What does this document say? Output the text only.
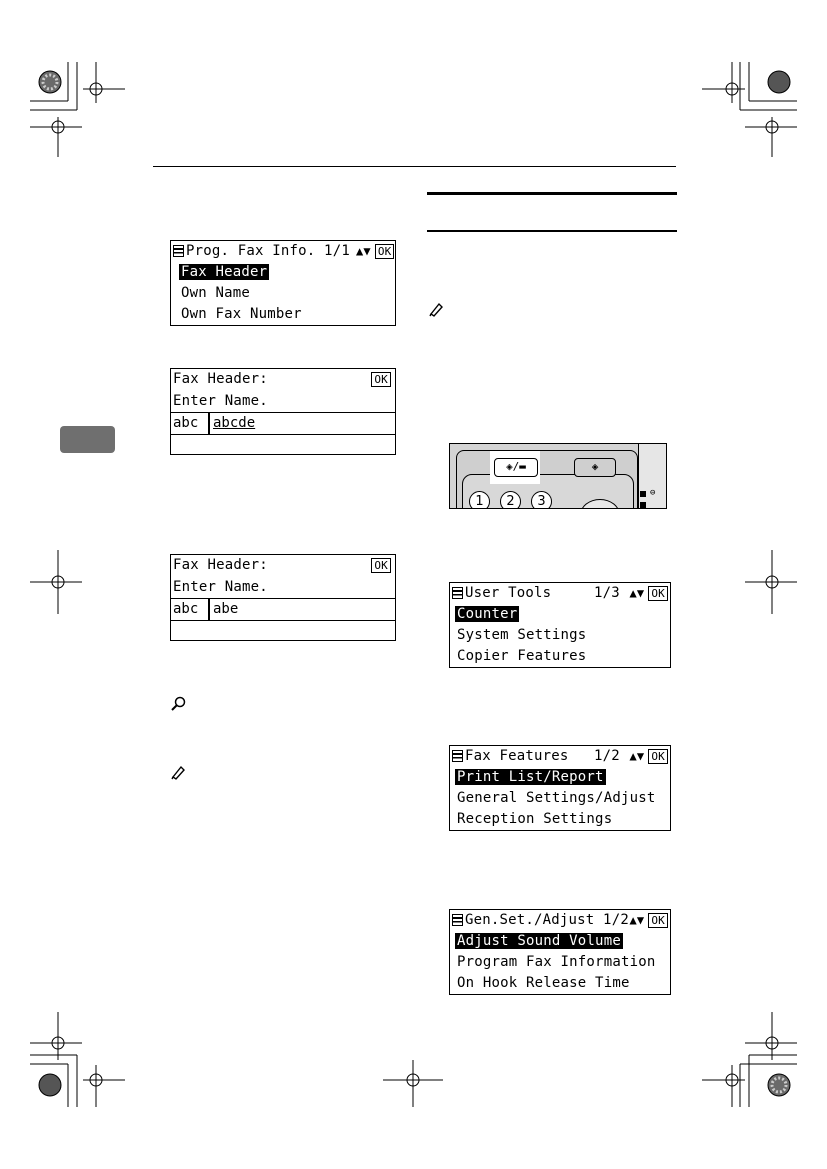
Prog. Fax Info. 1/1 ▲▼ OK
Fax Header
Own Name
Own Fax Number
Fax Header:	OK
Enter Name.
abc abcde
Fax Header:	OK
Enter Name.
abc abe
◈/▬	◈
1	2	3
⊖
User Tools	1/3 ▲▼ OK
Counter
System Settings
Copier Features
Fax Features 1/2 ▲▼ OK
Print List/Report
General Settings/Adjust
Reception Settings
Gen.Set./Adjust 1/2 ▲▼ OK
Adjust Sound Volume
Program Fax Information
On Hook Release Time
